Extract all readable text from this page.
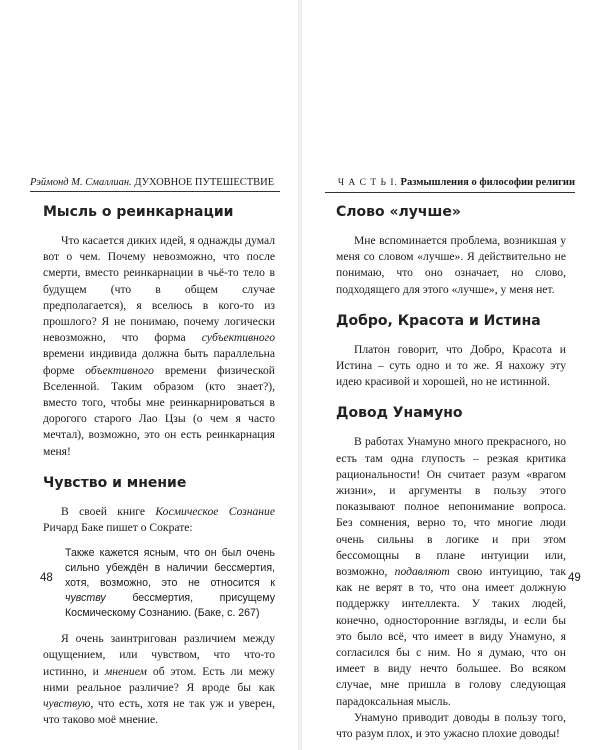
Рэймонд М. Смаллиан. ДУХОВНОЕ ПУТЕШЕСТВИЕ
Мысль о реинкарнации

Что касается диких идей, я однажды думал вот о чем. Почему невозможно, что после смерти, вместо реинкарнации в чьё-то тело в будущем (что в общем случае предполагается), я вселюсь в кого-то из прошлого? Я не понимаю, почему логически невозможно, что форма субъективного времени индивида должна быть параллельна форме объективного времени физической Вселенной. Таким образом (кто знает?), вместо того, чтобы мне реинкарнироваться в дорогого старого Лао Цзы (о чем я часто мечтал), возможно, это он есть реинкарнация меня!

Чувство и мнение

В своей книге Космическое Сознание Ричард Баке пишет о Сократе:

Также кажется ясным, что он был очень сильно убеждён в наличии бессмертия, хотя, возможно, это не относится к чувству бессмертия, присущему Космическому Сознанию. (Баке, с. 267)

Я очень заинтригован различием между ощущением, или чувством, что что-то истинно, и мнением об этом. Есть ли межу ними реальное различие? Я вроде бы как чувствую, что есть, хотя не так уж и уверен, что таково моё мнение.

48
Ч А С Т Ь I. Размышления о философии религии
Слово «лучше»

Мне вспоминается проблема, возникшая у меня со словом «лучше». Я действительно не понимаю, что оно означает, но слово, подходящего для этого «лучше», у меня нет.

Добро, Красота и Истина

Платон говорит, что Добро, Красота и Истина – суть одно и то же. Я нахожу эту идею красивой и хорошей, но не истинной.

Довод Унамуно

В работах Унамуно много прекрасного, но есть там одна глупость – резкая критика рациональности! Он считает разум «врагом жизни», и аргументы в пользу этого показывают полное непонимание вопроса. Без сомнения, верно то, что многие люди очень сильны в логике и при этом бесcомощны в плане интуиции или, возможно, подавляют свою интуицию, так как не верят в то, что она имеет должную поддержку интеллекта. У таких людей, конечно, односторонние взгляды, и если бы это было всё, что имеет в виду Унамуно, я согласился бы с ним. Но я думаю, что он имеет в виду нечто большее. Во всяком случае, мне пришла в голову следующая парадоксальная мысль.

Унамуно приводит доводы в пользу того, что разум плох, и это ужасно плохие доводы!

49
